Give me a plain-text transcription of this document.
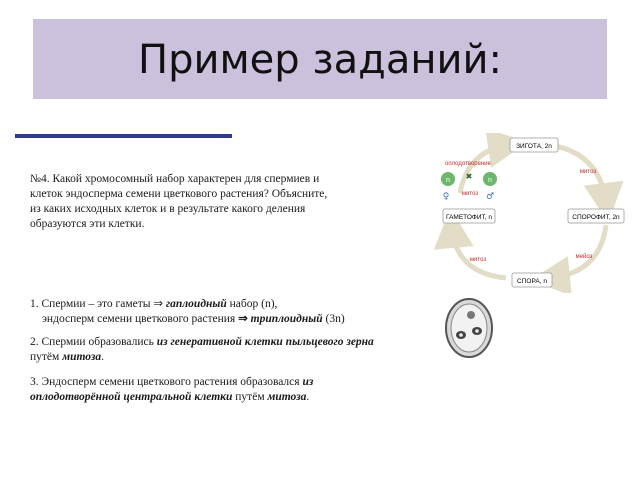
Пример заданий:
№4. Какой хромосомный набор характерен для спермиев и
клеток эндосперма семени цветкового растения? Объясните,
из каких исходных клеток и в результате какого деления
образуются эти клетки.
1. Спермии – это гаметы ⇒ гаплоидный набор (n),
эндосперм семени цветкового растения ⇒ триплоидный (3n)
2. Спермии образовались из генеративной клетки пыльцевого зерна
путём митоза.
3. Эндосперм семени цветкового растения образовался из
оплодотворённой центральной клетки путём митоза.
ЗИГОТА, 2n
ГАМЕТОФИТ, n	СПОРОФИТ, 2n
СПОРА, n
оплодотворение
митоз
митоз
митоз	мейоз
n	n
✖
♀	♂
